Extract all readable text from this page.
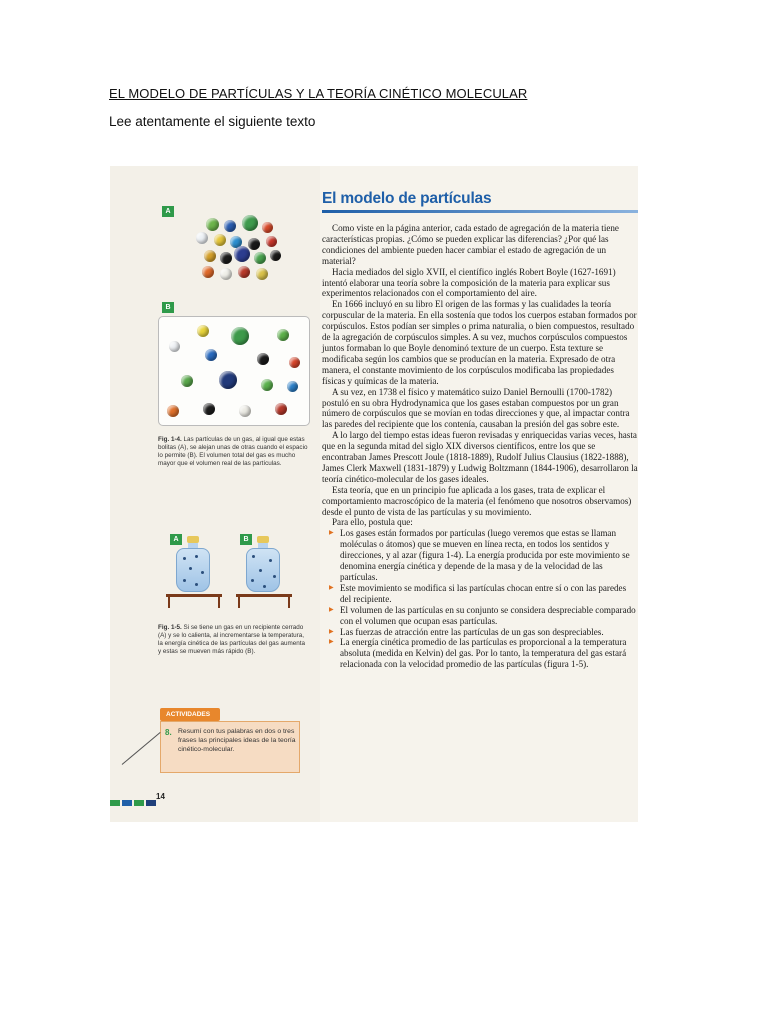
EL MODELO DE PARTÍCULAS Y LA TEORÍA CINÉTICO MOLECULAR
Lee atentamente el siguiente texto
A
B
Fig. 1-4. Las partículas de un gas, al igual que estas bolitas (A), se alejan unas de otras cuando el espacio lo permite (B). El volumen total del gas es mucho mayor que el volumen real de las partículas.
A	B
Fig. 1-5. Si se tiene un gas en un recipiente cerrado (A) y se lo calienta, al incrementarse la temperatura, la energía cinética de las partículas del gas aumenta y estas se mueven más rápido (B).
ACTIVIDADES
8. Resumí con tus palabras en dos o tres frases las principales ideas de la teoría cinético-molecular.
14
El modelo de partículas

Como viste en la página anterior, cada estado de agregación de la materia tiene características propias. ¿Cómo se pueden explicar las diferencias? ¿Por qué las condiciones del ambiente pueden hacer cambiar el estado de agregación de un material?

Hacia mediados del siglo XVII, el científico inglés Robert Boyle (1627-1691) intentó elaborar una teoría sobre la composición de la materia para explicar sus experimentos relacionados con el comportamiento del aire.

En 1666 incluyó en su libro El origen de las formas y las cualidades la teoría corpuscular de la materia. En ella sostenía que todos los cuerpos estaban formados por corpúsculos. Estos podían ser simples o prima naturalia, o bien compuestos, resultado de la agregación de corpúsculos simples. A su vez, muchos corpúsculos compuestos juntos formaban lo que Boyle denominó texture de un cuerpo. Esta texture se modificaba según los cambios que se producían en la materia. Expresado de otra manera, el constante movimiento de los corpúsculos modificaba las propiedades físicas y químicas de la materia.

A su vez, en 1738 el físico y matemático suizo Daniel Bernoulli (1700-1782) postuló en su obra Hydrodynamica que los gases estaban compuestos por un gran número de corpúsculos que se movían en todas direcciones y que, al impactar contra las paredes del recipiente que los contenía, causaban la presión del gas sobre este.

A lo largo del tiempo estas ideas fueron revisadas y enriquecidas varias veces, hasta que en la segunda mitad del siglo XIX diversos científicos, entre los que se encontraban James Prescott Joule (1818-1889), Rudolf Julius Clausius (1822-1888), James Clerk Maxwell (1831-1879) y Ludwig Boltzmann (1844-1906), desarrollaron la teoría cinético-molecular de los gases ideales.

Esta teoría, que en un principio fue aplicada a los gases, trata de explicar el comportamiento macroscópico de la materia (el fenómeno que nosotros observamos) desde el punto de vista de las partículas y su movimiento.

Para ello, postula que:

▶ Los gases están formados por partículas (luego veremos que estas se llaman moléculas o átomos) que se mueven en línea recta, en todos los sentidos y direcciones, y al azar (figura 1-4). La energía producida por este movimiento se denomina energía cinética y depende de la masa y de la velocidad de las partículas.
▶ Este movimiento se modifica si las partículas chocan entre sí o con las paredes del recipiente.
▶ El volumen de las partículas en su conjunto se considera despreciable comparado con el volumen que ocupan esas partículas.
▶ Las fuerzas de atracción entre las partículas de un gas son despreciables.
▶ La energía cinética promedio de las partículas es proporcional a la temperatura absoluta (medida en Kelvin) del gas. Por lo tanto, la temperatura del gas estará relacionada con la velocidad promedio de las partículas (figura 1-5).
